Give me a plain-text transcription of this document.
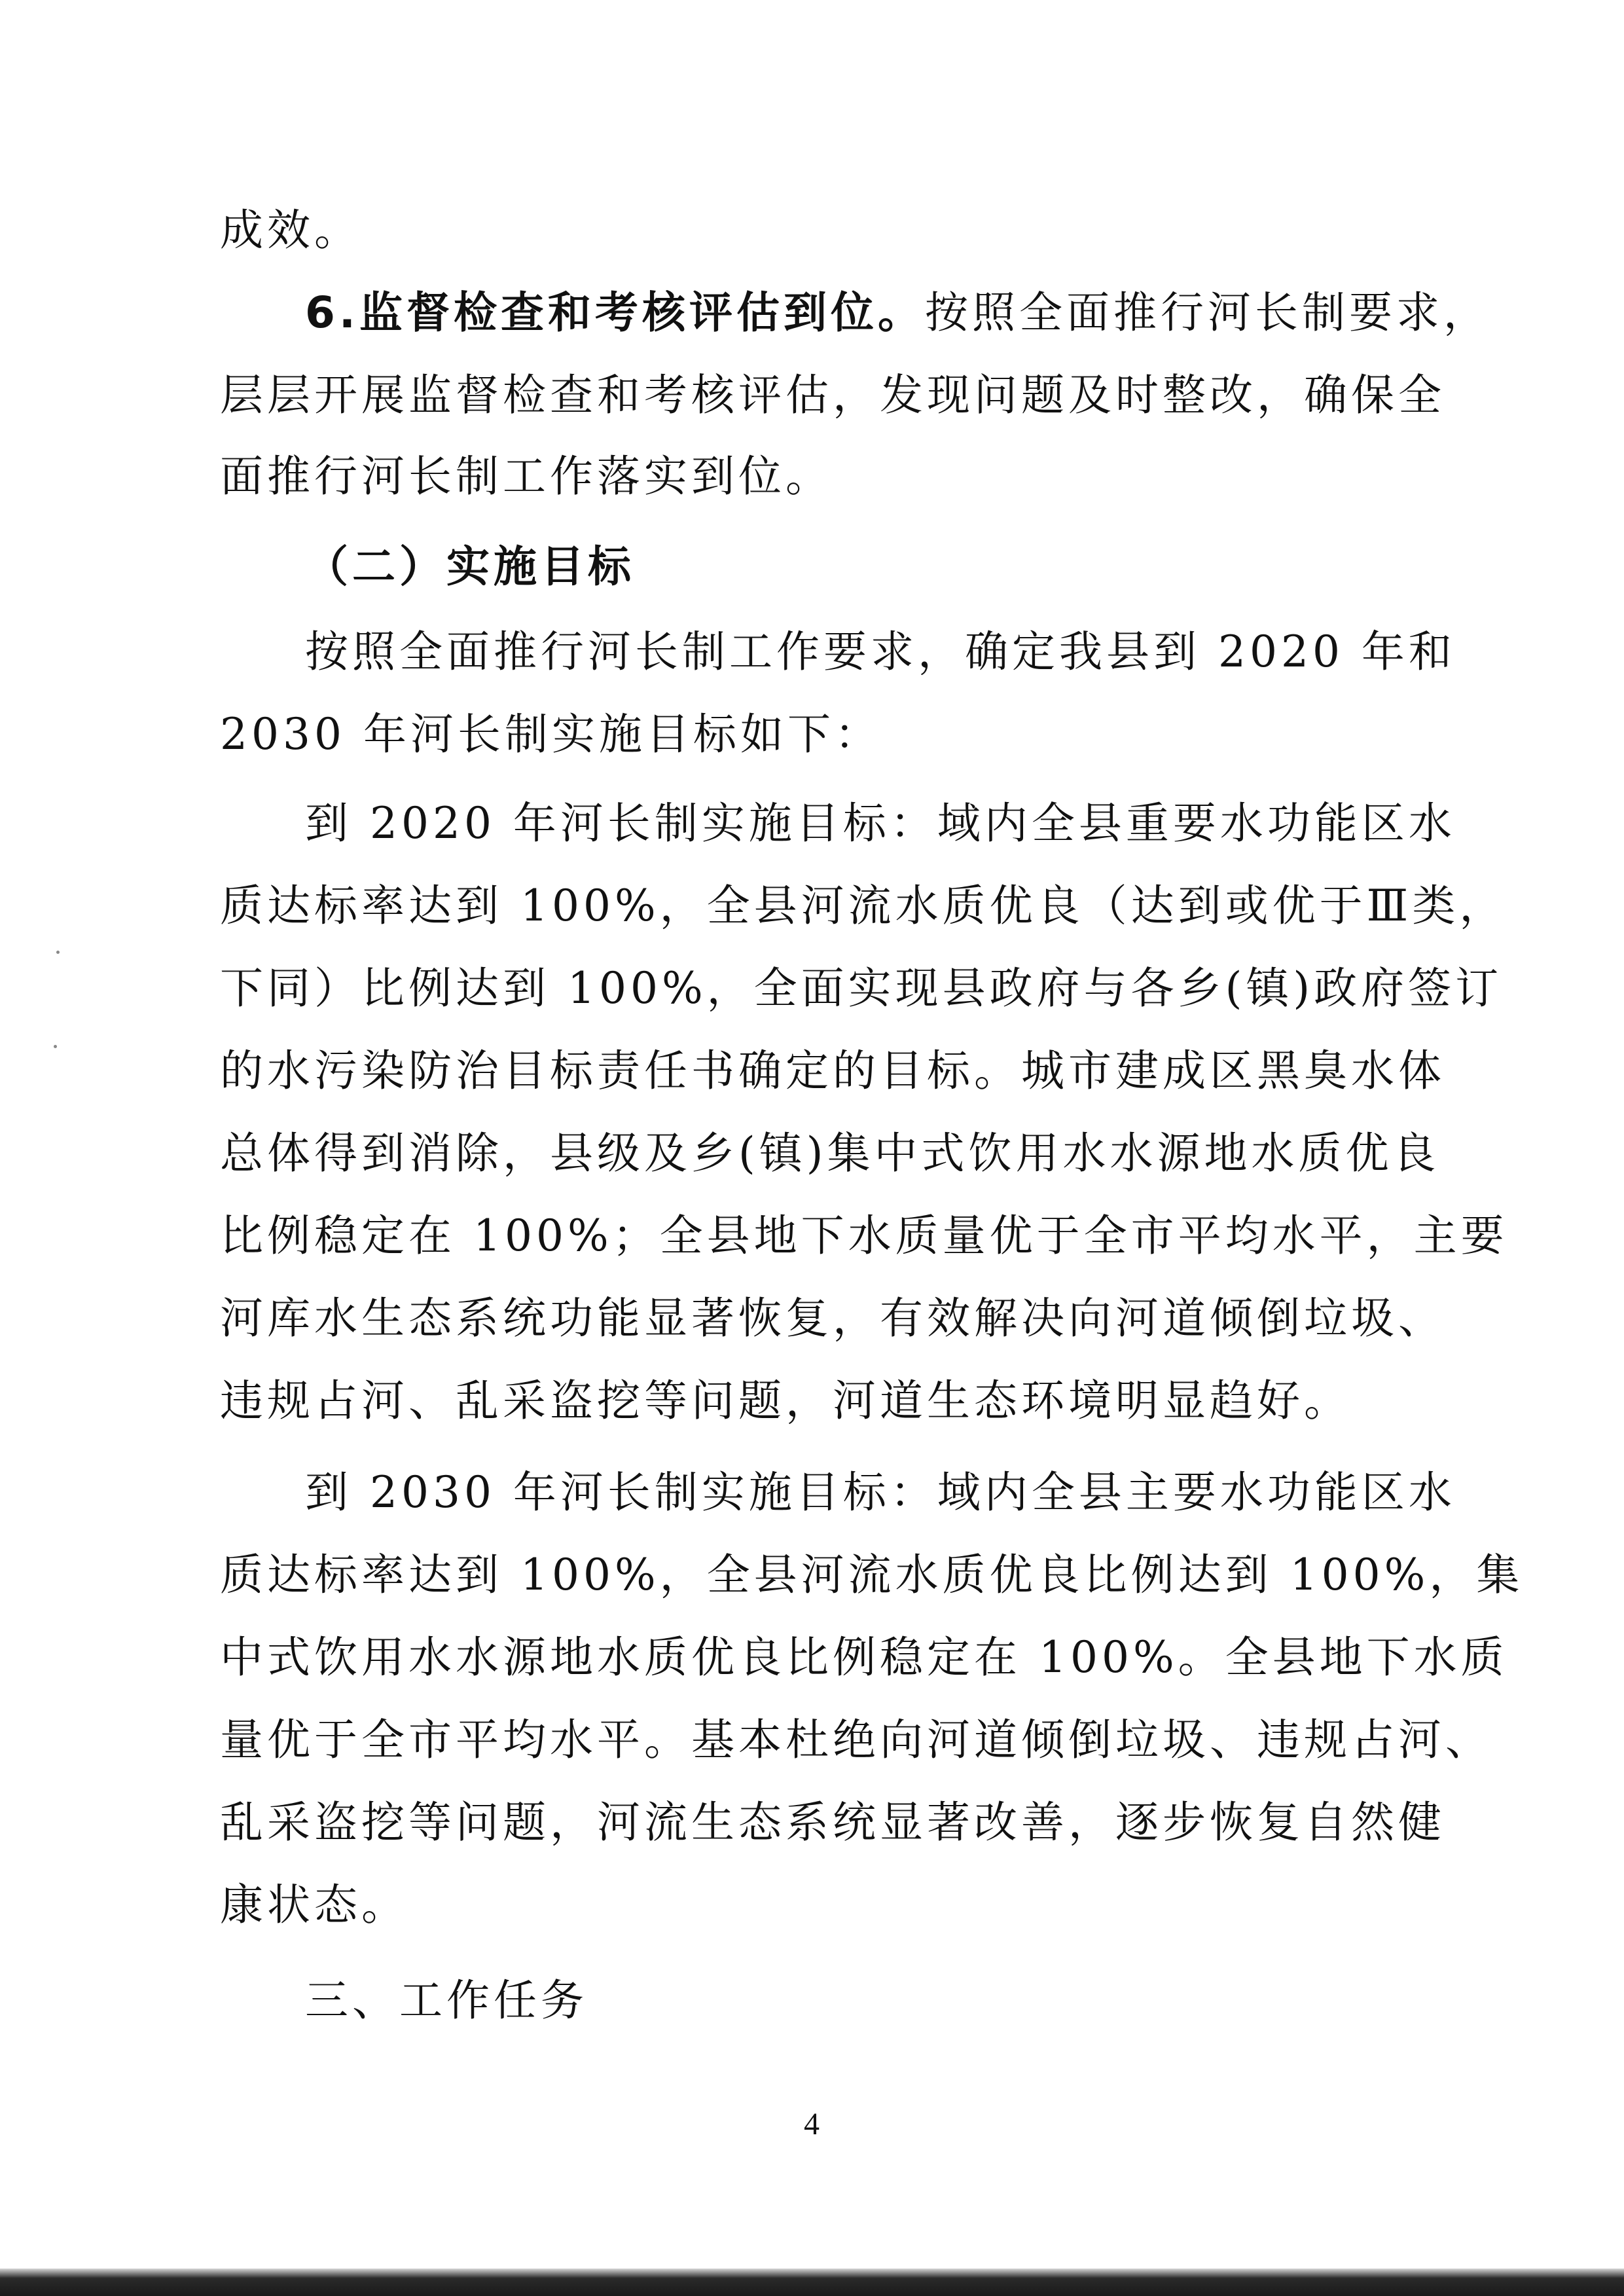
成效。
6.监督检查和考核评估到位。按照全面推行河长制要求，
层层开展监督检查和考核评估，发现问题及时整改，确保全
面推行河长制工作落实到位。
（二）实施目标
按照全面推行河长制工作要求，确定我县到 2020 年和
2030 年河长制实施目标如下：
到 2020 年河长制实施目标：域内全县重要水功能区水
质达标率达到 100%，全县河流水质优良（达到或优于Ⅲ类，
下同）比例达到 100%，全面实现县政府与各乡(镇)政府签订
的水污染防治目标责任书确定的目标。城市建成区黑臭水体
总体得到消除，县级及乡(镇)集中式饮用水水源地水质优良
比例稳定在 100%；全县地下水质量优于全市平均水平，主要
河库水生态系统功能显著恢复，有效解决向河道倾倒垃圾、
违规占河、乱采盗挖等问题，河道生态环境明显趋好。
到 2030 年河长制实施目标：域内全县主要水功能区水
质达标率达到 100%，全县河流水质优良比例达到 100%，集
中式饮用水水源地水质优良比例稳定在 100%。全县地下水质
量优于全市平均水平。基本杜绝向河道倾倒垃圾、违规占河、
乱采盗挖等问题，河流生态系统显著改善，逐步恢复自然健
康状态。
三、工作任务
4
